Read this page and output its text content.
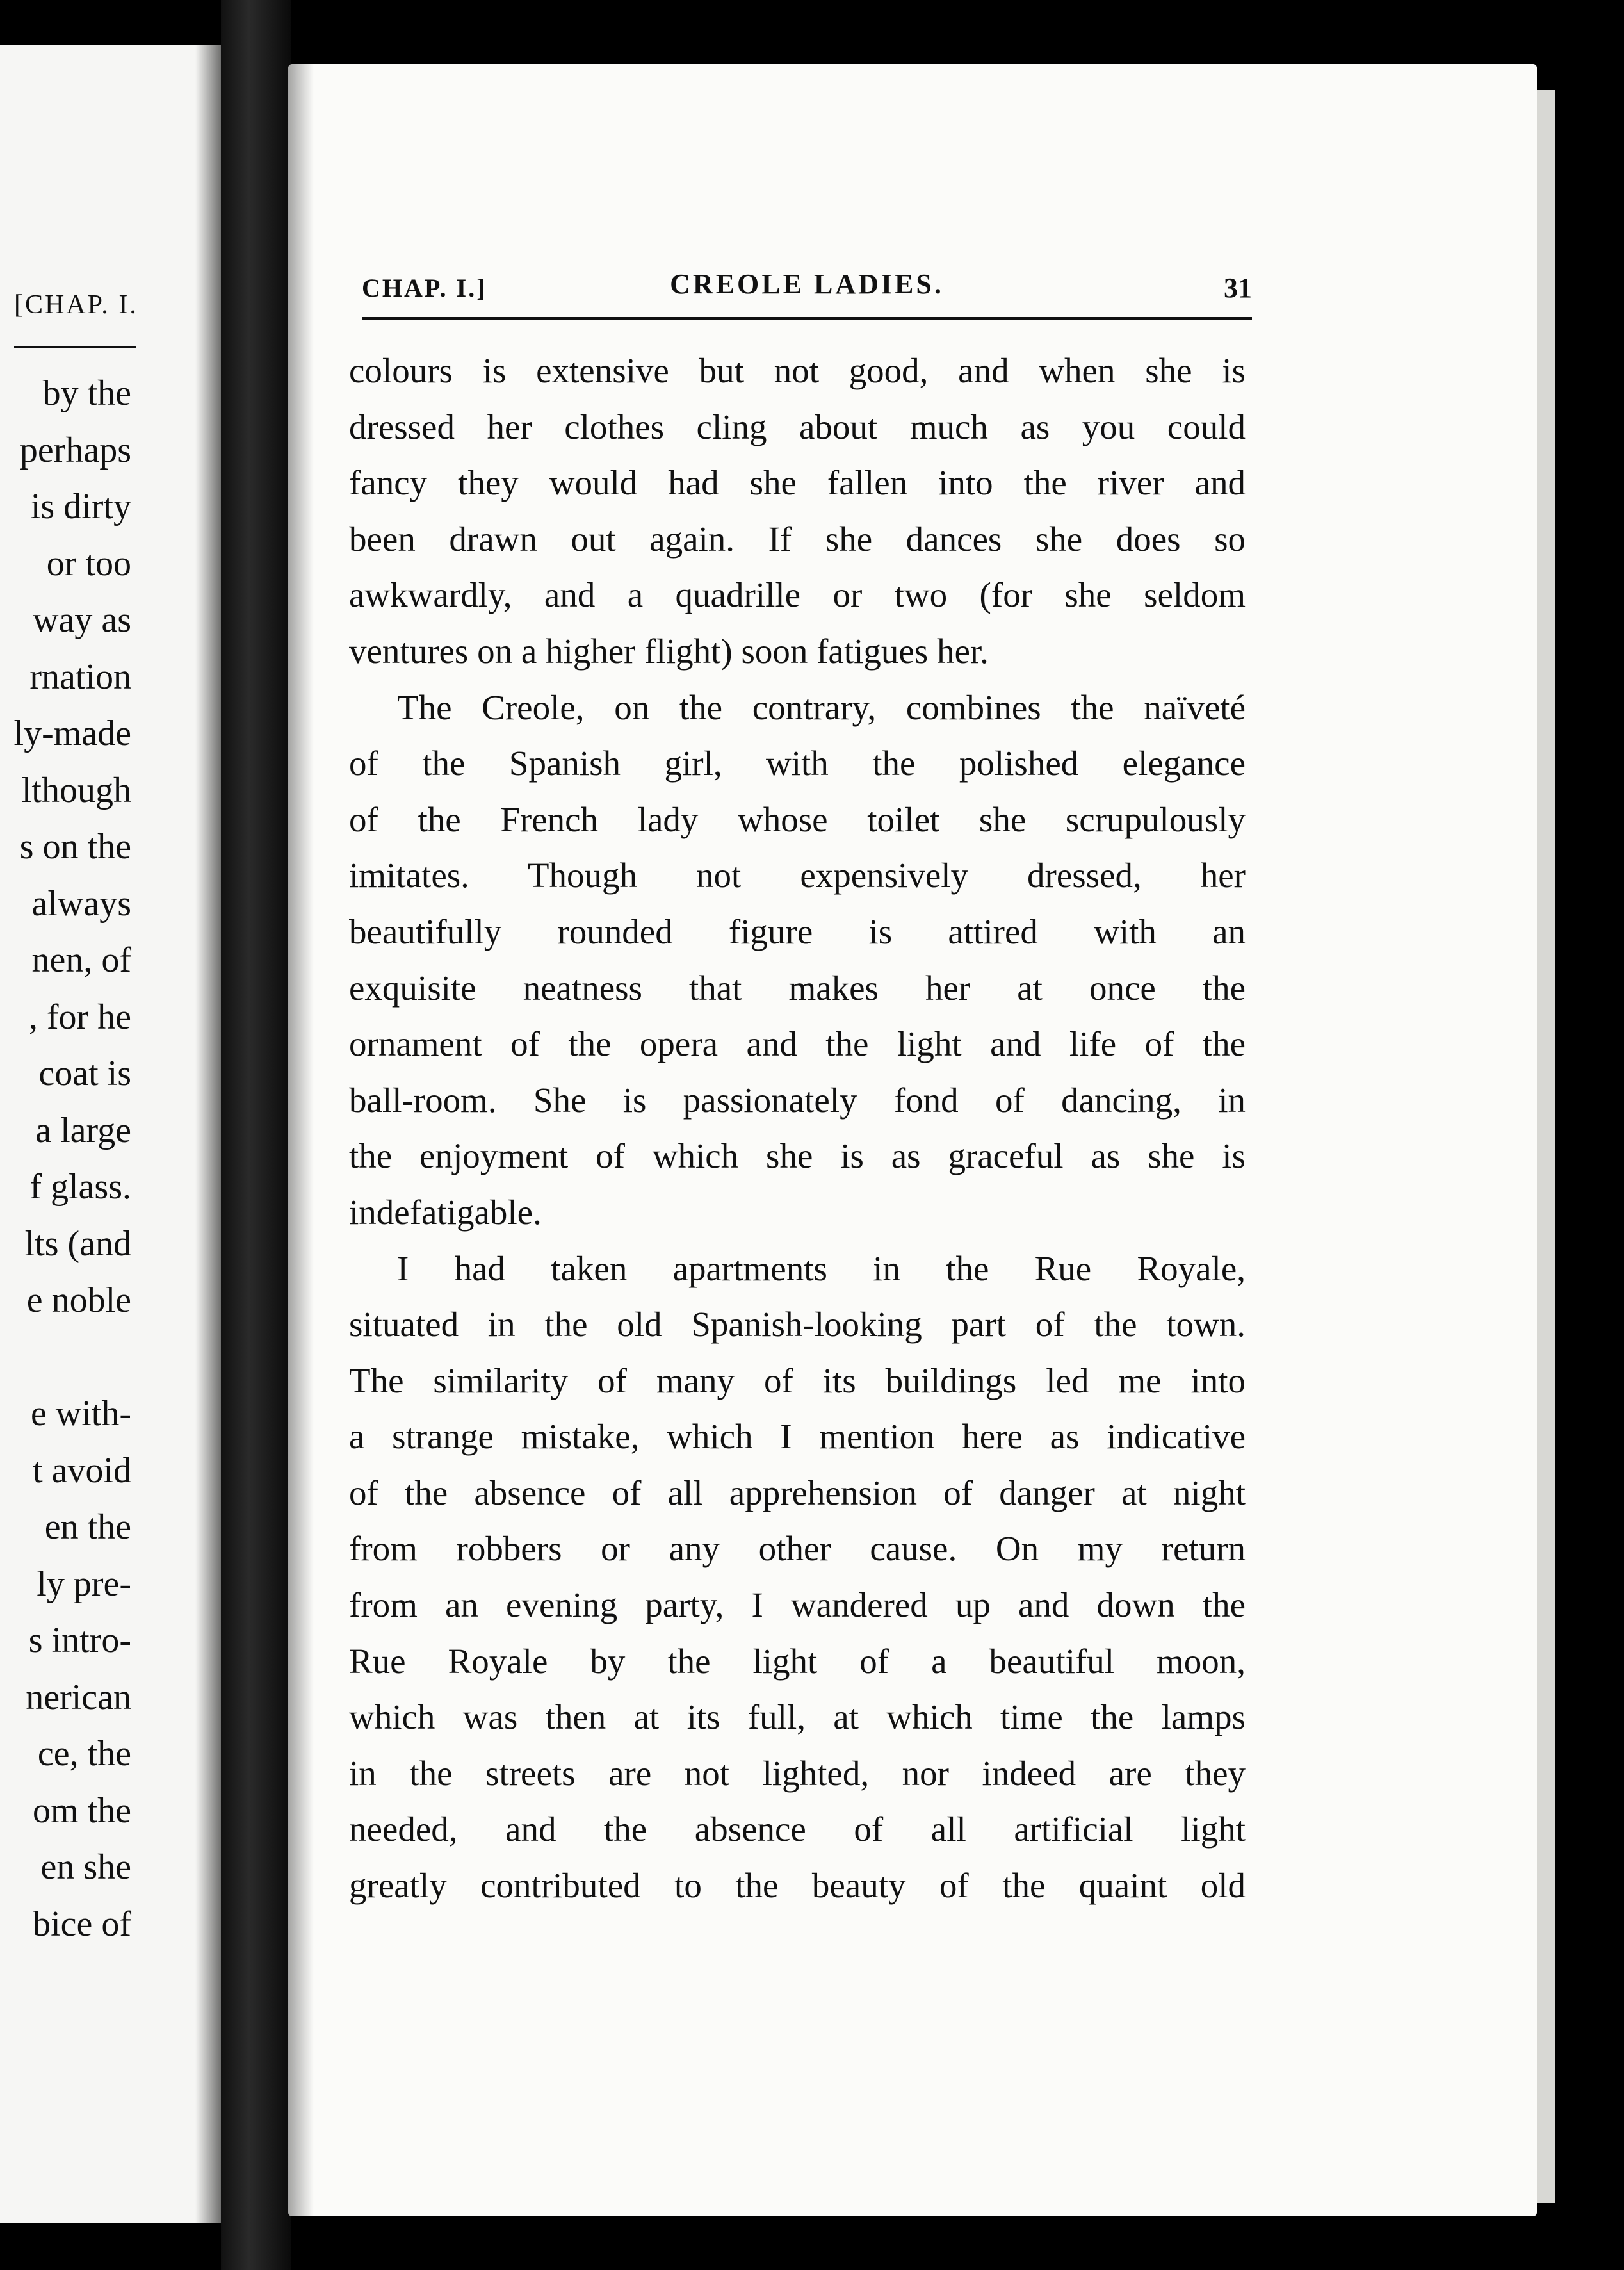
[CHAP. I.
by the
perhaps
is dirty
or too
way as
rnation
ly-made
lthough
s on the
always
nen, of
, for he
coat is
a large
f glass.
lts (and
e noble
e with-
t avoid
en the
ly pre-
s intro-
nerican
ce, the
om the
en she
bice of
CHAP. I.]	CREOLE LADIES.	31
colours is extensive but not good, and when she is
dressed her clothes cling about much as you could
fancy they would had she fallen into the river and
been drawn out again. If she dances she does so
awkwardly, and a quadrille or two (for she seldom
ventures on a higher flight) soon fatigues her.
The Creole, on the contrary, combines the naïveté
of the Spanish girl, with the polished elegance
of the French lady whose toilet she scrupulously
imitates. Though not expensively dressed, her
beautifully rounded figure is attired with an
exquisite neatness that makes her at once the
ornament of the opera and the light and life of the
ball-room. She is passionately fond of dancing, in
the enjoyment of which she is as graceful as she is
indefatigable.
I had taken apartments in the Rue Royale,
situated in the old Spanish-looking part of the town.
The similarity of many of its buildings led me into
a strange mistake, which I mention here as indicative
of the absence of all apprehension of danger at night
from robbers or any other cause. On my return
from an evening party, I wandered up and down the
Rue Royale by the light of a beautiful moon,
which was then at its full, at which time the lamps
in the streets are not lighted, nor indeed are they
needed, and the absence of all artificial light
greatly contributed to the beauty of the quaint old
